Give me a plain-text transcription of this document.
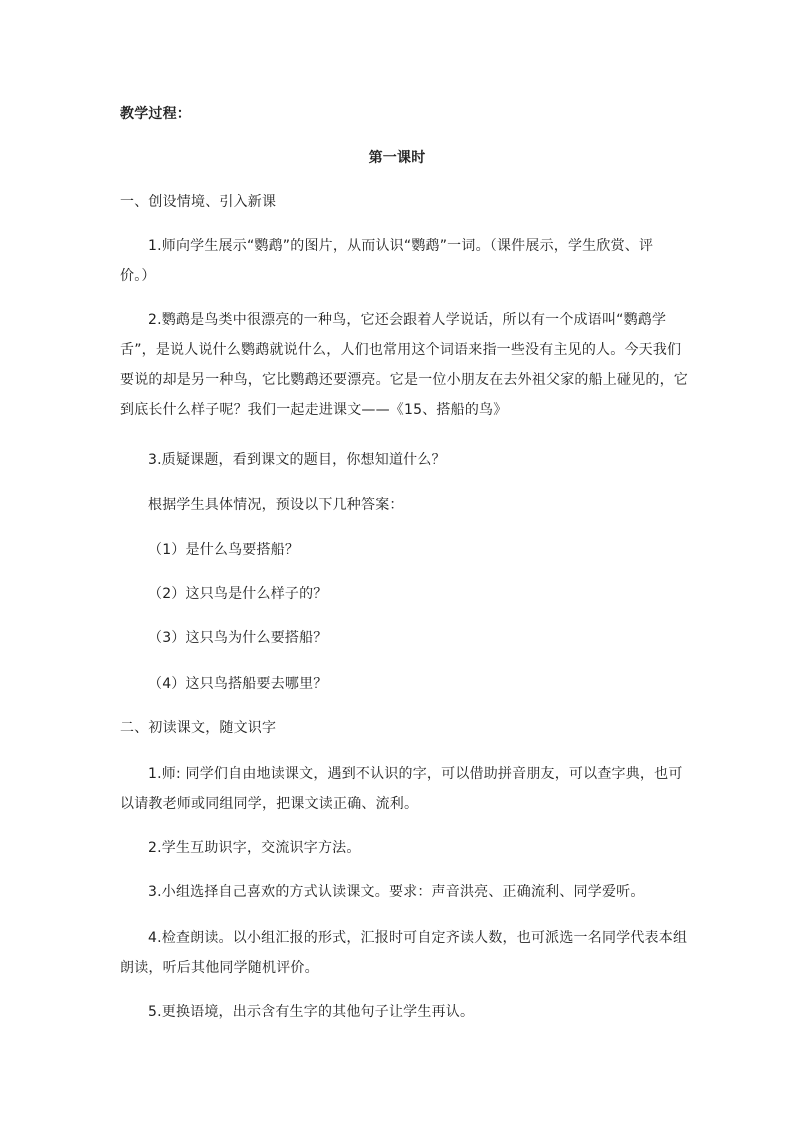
教学过程：
第一课时
一、创设情境、引入新课
1.师向学生展示“鹦鹉”的图片，从而认识“鹦鹉”一词。（课件展示，学生欣赏、评
价。）
2.鹦鹉是鸟类中很漂亮的一种鸟，它还会跟着人学说话，所以有一个成语叫“鹦鹉学
舌”，是说人说什么鹦鹉就说什么，人们也常用这个词语来指一些没有主见的人。今天我们
要说的却是另一种鸟，它比鹦鹉还要漂亮。它是一位小朋友在去外祖父家的船上碰见的，它
到底长什么样子呢？我们一起走进课文——《15、搭船的鸟》
3.质疑课题，看到课文的题目，你想知道什么？
根据学生具体情况，预设以下几种答案：
（1）是什么鸟要搭船？
（2）这只鸟是什么样子的？
（3）这只鸟为什么要搭船？
（4）这只鸟搭船要去哪里？
二、初读课文，随文识字
1.师: 同学们自由地读课文，遇到不认识的字，可以借助拼音朋友，可以查字典，也可
以请教老师或同组同学，把课文读正确、流利。
2.学生互助识字，交流识字方法。
3.小组选择自己喜欢的方式认读课文。要求：声音洪亮、正确流利、同学爱听。
4.检查朗读。以小组汇报的形式，汇报时可自定齐读人数，也可派选一名同学代表本组
朗读，听后其他同学随机评价。
5.更换语境，出示含有生字的其他句子让学生再认。
